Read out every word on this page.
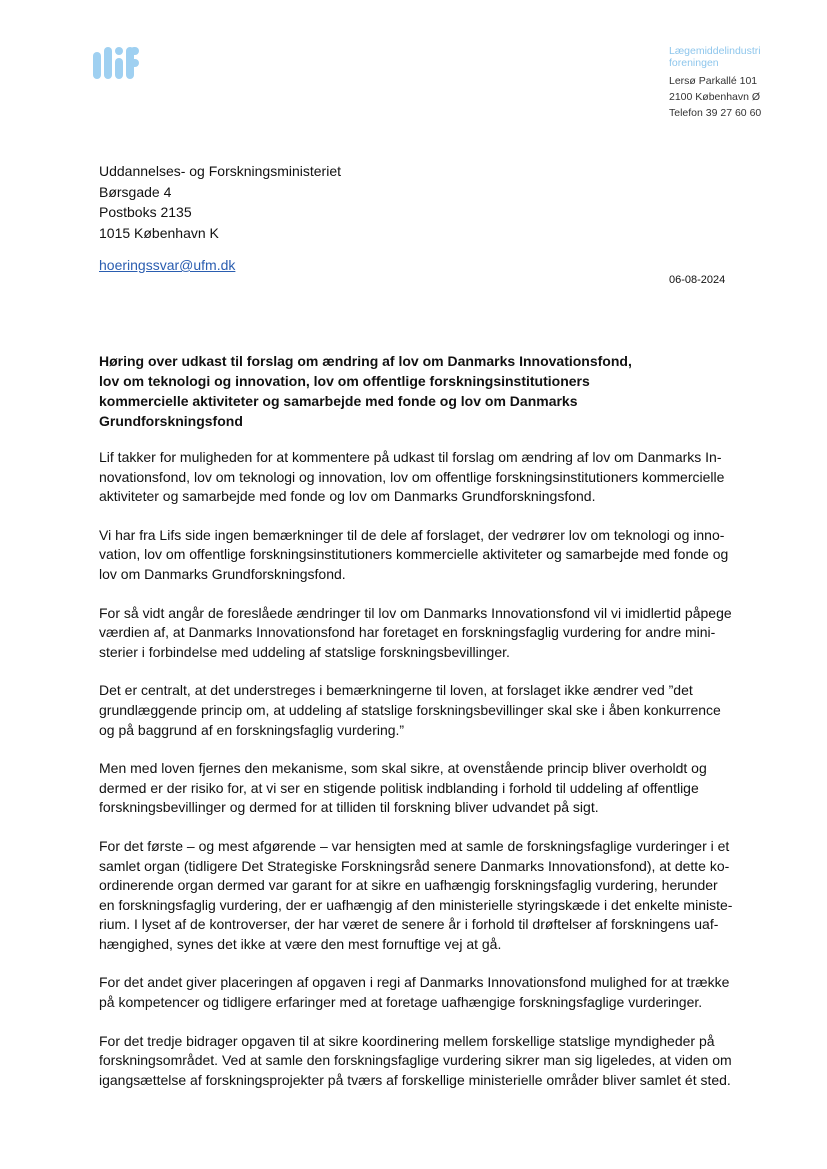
Lægemiddelindustri
foreningen
Lersø Parkallé 101
2100 København Ø
Telefon 39 27 60 60
Uddannelses- og Forskningsministeriet
Børsgade 4
Postboks 2135
1015 København K
hoeringssvar@ufm.dk
06-08-2024
Høring over udkast til forslag om ændring af lov om Danmarks Innovationsfond,
lov om teknologi og innovation, lov om offentlige forskningsinstitutioners
kommercielle aktiviteter og samarbejde med fonde og lov om Danmarks
Grundforskningsfond

Lif takker for muligheden for at kommentere på udkast til forslag om ændring af lov om Danmarks In-
novationsfond, lov om teknologi og innovation, lov om offentlige forskningsinstitutioners kommercielle
aktiviteter og samarbejde med fonde og lov om Danmarks Grundforskningsfond.

Vi har fra Lifs side ingen bemærkninger til de dele af forslaget, der vedrører lov om teknologi og inno-
vation, lov om offentlige forskningsinstitutioners kommercielle aktiviteter og samarbejde med fonde og
lov om Danmarks Grundforskningsfond.

For så vidt angår de foreslåede ændringer til lov om Danmarks Innovationsfond vil vi imidlertid påpege
værdien af, at Danmarks Innovationsfond har foretaget en forskningsfaglig vurdering for andre mini-
sterier i forbindelse med uddeling af statslige forskningsbevillinger.

Det er centralt, at det understreges i bemærkningerne til loven, at forslaget ikke ændrer ved ”det
grundlæggende princip om, at uddeling af statslige forskningsbevillinger skal ske i åben konkurrence
og på baggrund af en forskningsfaglig vurdering.”

Men med loven fjernes den mekanisme, som skal sikre, at ovenstående princip bliver overholdt og
dermed er der risiko for, at vi ser en stigende politisk indblanding i forhold til uddeling af offentlige
forskningsbevillinger og dermed for at tilliden til forskning bliver udvandet på sigt.

For det første – og mest afgørende – var hensigten med at samle de forskningsfaglige vurderinger i et
samlet organ (tidligere Det Strategiske Forskningsråd senere Danmarks Innovationsfond), at dette ko-
ordinerende organ dermed var garant for at sikre en uafhængig forskningsfaglig vurdering, herunder
en forskningsfaglig vurdering, der er uafhængig af den ministerielle styringskæde i det enkelte ministe-
rium. I lyset af de kontroverser, der har været de senere år i forhold til drøftelser af forskningens uaf-
hængighed, synes det ikke at være den mest fornuftige vej at gå.

For det andet giver placeringen af opgaven i regi af Danmarks Innovationsfond mulighed for at trække
på kompetencer og tidligere erfaringer med at foretage uafhængige forskningsfaglige vurderinger.

For det tredje bidrager opgaven til at sikre koordinering mellem forskellige statslige myndigheder på
forskningsområdet. Ved at samle den forskningsfaglige vurdering sikrer man sig ligeledes, at viden om
igangsættelse af forskningsprojekter på tværs af forskellige ministerielle områder bliver samlet ét sted.
